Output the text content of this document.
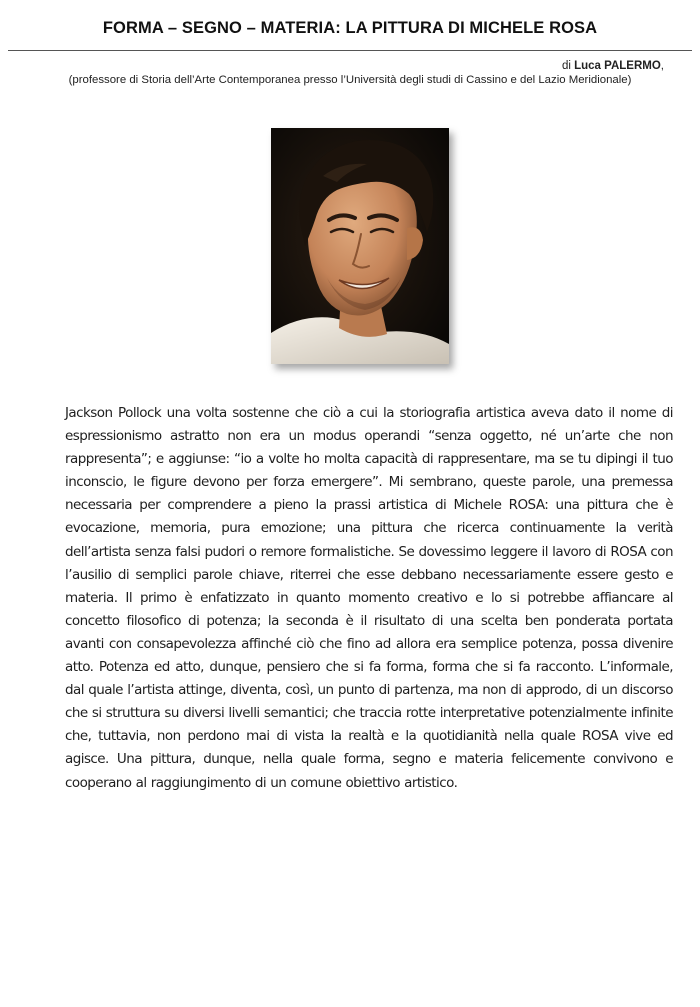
FORMA – SEGNO – MATERIA: LA PITTURA DI MICHELE ROSA
di Luca PALERMO,
(professore di Storia dell’Arte Contemporanea presso l’Università degli studi di Cassino e del Lazio Meridionale)

Jackson Pollock una volta sostenne che ciò a cui la storiografia artistica aveva dato il nome di espressionismo astratto non era un modus operandi “senza oggetto, né un’arte che non rappresenta”; e aggiunse: “io a volte ho molta capacità di rappresentare, ma se tu dipingi il tuo inconscio, le figure devono per forza emergere”. Mi sembrano, queste parole, una premessa necessaria per comprendere a pieno la prassi artistica di Michele ROSA: una pittura che è evocazione, memoria, pura emozione; una pittura che ricerca continuamente la verità dell’artista senza falsi pudori o remore formalistiche. Se dovessimo leggere il lavoro di ROSA con l’ausilio di semplici parole chiave, riterrei che esse debbano necessariamente essere gesto e materia. Il primo è enfatizzato in quanto momento creativo e lo si potrebbe affiancare al concetto filosofico di potenza; la seconda è il risultato di una scelta ben ponderata portata avanti con consapevolezza affinché ciò che fino ad allora era semplice potenza, possa divenire atto. Potenza ed atto, dunque, pensiero che si fa forma, forma che si fa racconto. L’informale, dal quale l’artista attinge, diventa, così, un punto di partenza, ma non di approdo, di un discorso che si struttura su diversi livelli semantici; che traccia rotte interpretative potenzialmente infinite che, tuttavia, non perdono mai di vista la realtà e la quotidianità nella quale ROSA vive ed agisce. Una pittura, dunque, nella quale forma, segno e materia felicemente convivono e cooperano al raggiungimento di un comune obiettivo artistico.
